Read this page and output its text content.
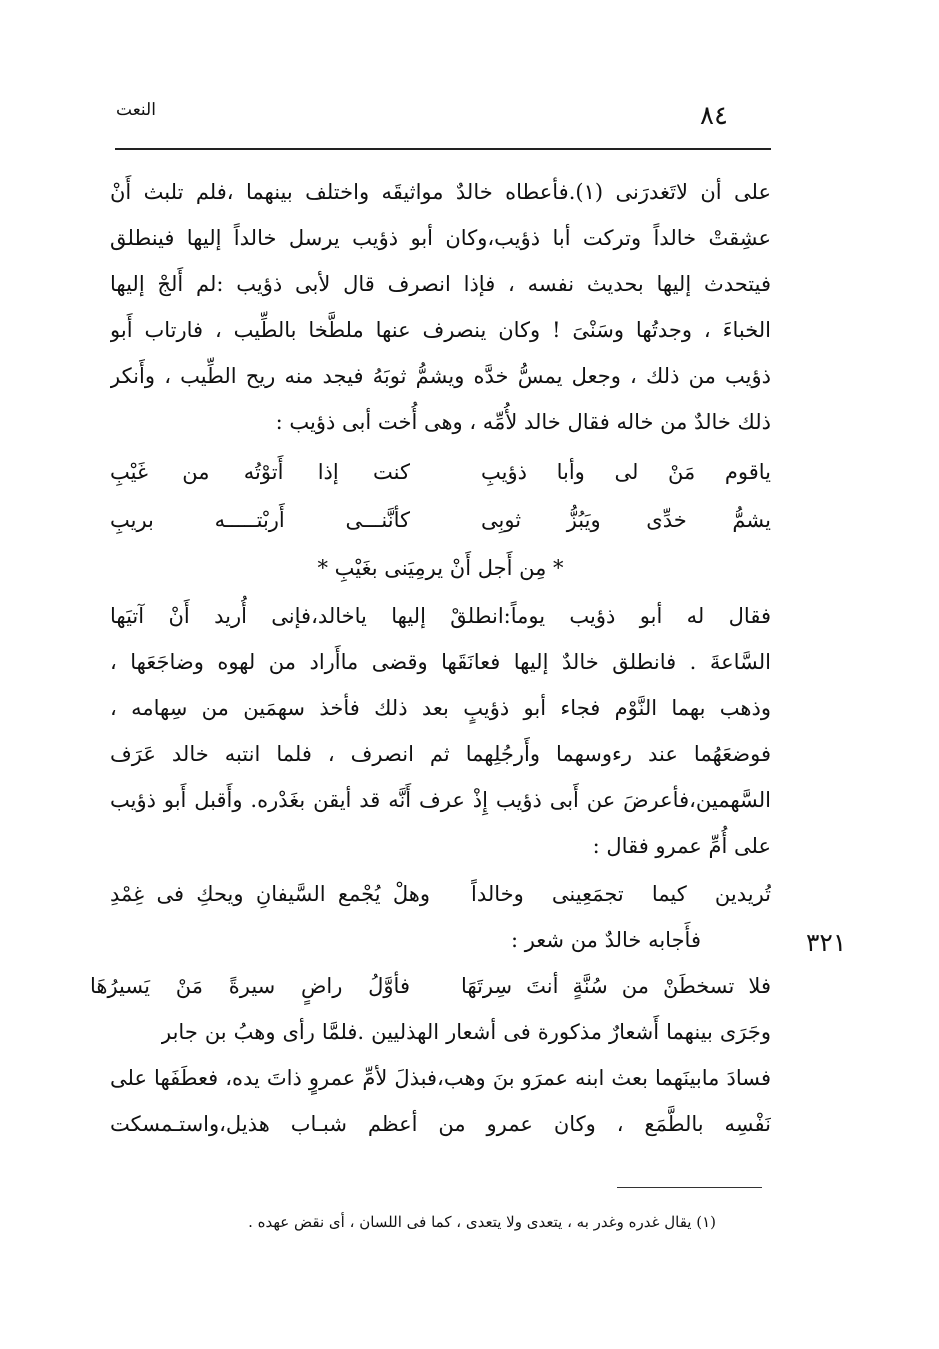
النعت	٨٤
على أن لاتَغدرَنى (١).فأعطاه خالدٌ مواثيقَه واختلف بينهما ،فلم تلبث أَنْ
عشِقتْ خالداً وتركت أبا ذؤيب،وكان أبو ذؤيب يرسل خالداً إليها فينطلق
فيتحدث إليها بحديث نفسه ، فإذا انصرف قال لأبى ذؤيب :لم أَلجْ إليها
الخباءَ ، وجدتُها وسَنْىَ ! وكان ينصرف عنها ملطَّخا بالطِّيب ، فارتاب أَبو
ذؤيب من ذلك ، وجعل يمسُّ خدَّه ويشمُّ ثوبَهُ فيجد منه ريح الطِّيب ، وأَنكر
ذلك خالدٌ من خاله فقال خالد لأُمِّه ، وهى أُخت أبى ذؤيب :
ياقوم مَنْ لى وأبا ذؤيبِ
كنت إذا أَتوْتُه من غَيْبِ
يشمُّ خدِّى ويَبُزُّ ثوبِى
كأنَّنـــى أَربْتـــــه بريبِ
* مِن أَجل أَنْ يرمِيَنى بغَيْبِ *
فقال له أبو ذؤيب يوماً:انطلقْ إليها ياخالد،فإنى أُريد أَنْ آتيَها
السَّاعةَ . فانطلق خالدٌ إليها فعانَقَها وقضى ماأَراد من لهوه وضاجَعَها ،
وذهب بهما النَّوْم فجاء أبو ذؤيبٍ بعد ذلك فأخذ سهمَين من سِهامه ،
فوضعَهُما عند رءوسهما وأَرجُلِهما ثم انصرف ، فلما انتبه خالد عَرَف
السَّهمين،فأعرضَ عن أَبى ذؤيب إِذْ عرف أَنَّه قد أيقن بغَدْره. وأَقبل أَبو ذؤيب
على أُمِّ عمرو فقال :
تُريدين كيما تجمَعِينى وخالداً
وهلْ يُجْمع السَّيفانِ ويحكِ فى غِمْدِ
فأَجابه خالدٌ من شعر :
فلا تسخطَنْ من سُنَّةٍ أنتَ سِرتَهَا
فأوَّلُ راضٍ سيرةً مَنْ يَسيرُهَا
وجَرَى بينهما أَشعارٌ مذكورة فى أشعار الهذليين .فلمَّا رأى وهبُ بن جابر
فسادَ مابينَهما بعث ابنه عمرَو بنَ وهب،فبذلَ لأمِّ عمروٍ ذاتَ يده، فعطَفَها على
نَفْسِه بالطَّمَع ، وكان عمرو من أعظم شبـاب هذيل،واستـمسكت
٣٢١
(١) يقال غدره وغدر به ، يتعدى ولا يتعدى ، كما فى اللسان ، أى نقض عهده .
